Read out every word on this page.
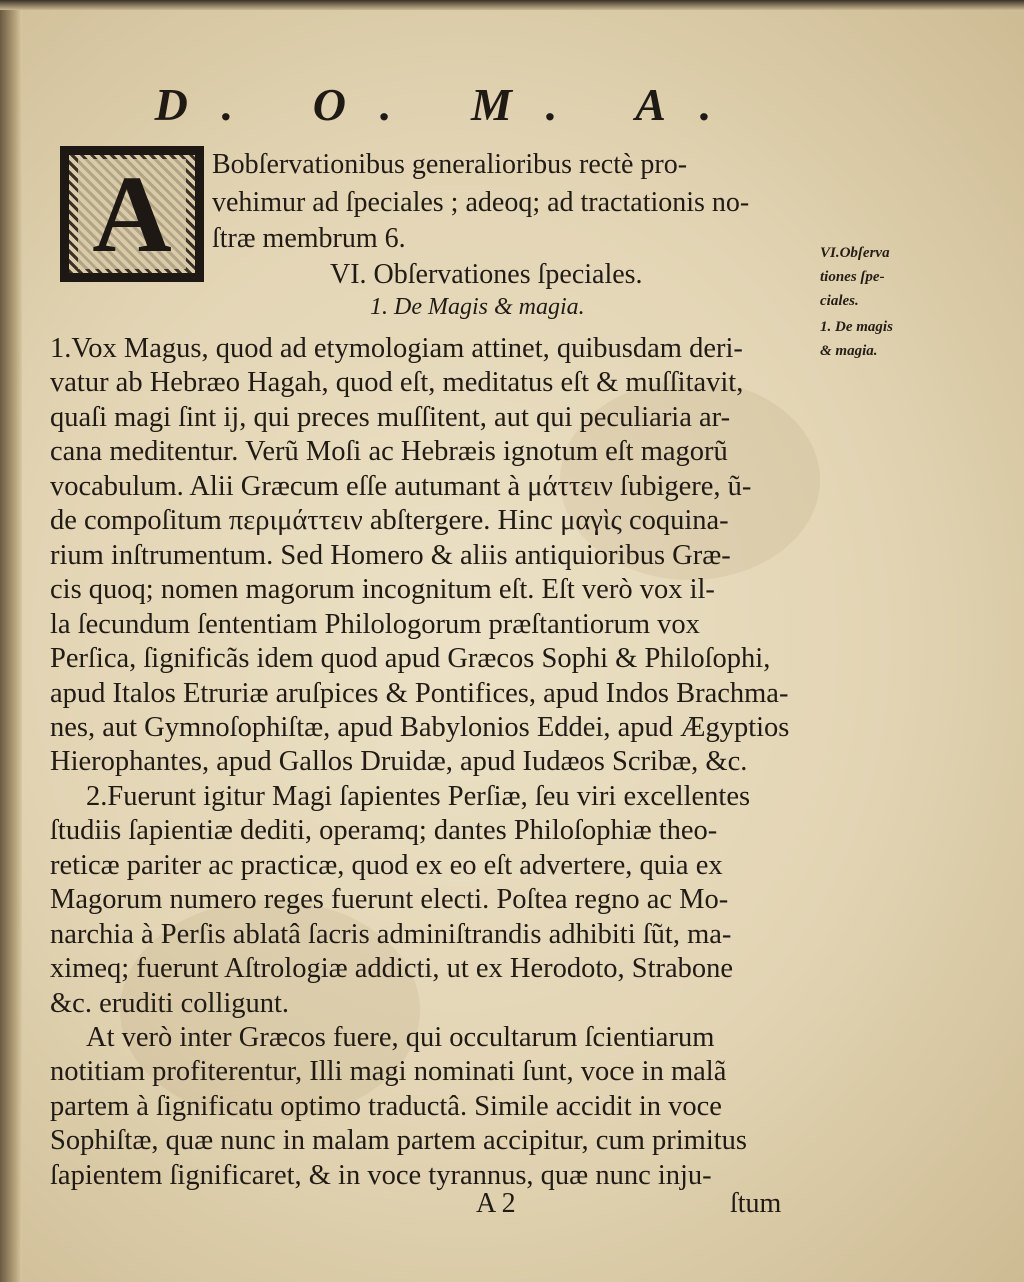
D. O. M. A.
A	Bobſervationibus generalioribus rectè pro-
vehimur ad ſpeciales ; adeoq; ad tractationis no-
ſtræ membrum 6.
VI. Obſervationes ſpeciales.
1. De Magis & magia.
VI.Obſerva
tiones ſpe-
ciales.
1. De magis
& magia.
1.Vox Magus, quod ad etymologiam attinet, quibusdam deri-
vatur ab Hebræo Hagah, quod eſt, meditatus eſt & muſſitavit,
quaſi magi ſint ij, qui preces muſſitent, aut qui peculiaria ar-
cana meditentur. Verũ Moſi ac Hebræis ignotum eſt magorũ
vocabulum. Alii Græcum eſſe autumant à μάττειν ſubigere, ũ-
de compoſitum περιμάττειν abſtergere. Hinc μαγὶς coquina-
rium inſtrumentum. Sed Homero & aliis antiquioribus Græ-
cis quoq; nomen magorum incognitum eſt. Eſt verò vox il-
la ſecundum ſententiam Philologorum præſtantiorum vox
Perſica, ſignificãs idem quod apud Græcos Sophi & Philoſophi,
apud Italos Etruriæ aruſpices & Pontifices, apud Indos Brachma-
nes, aut Gymnoſophiſtæ, apud Babylonios Eddei, apud Ægyptios
Hierophantes, apud Gallos Druidæ, apud Iudæos Scribæ, &c.
2.Fuerunt igitur Magi ſapientes Perſiæ, ſeu viri excellentes
ſtudiis ſapientiæ dediti, operamq; dantes Philoſophiæ theo-
reticæ pariter ac practicæ, quod ex eo eſt advertere, quia ex
Magorum numero reges fuerunt electi. Poſtea regno ac Mo-
narchia à Perſis ablatâ ſacris adminiſtrandis adhibiti ſũt, ma-
ximeq; fuerunt Aſtrologiæ addicti, ut ex Herodoto, Strabone
&c. eruditi colligunt.
At verò inter Græcos fuere, qui occultarum ſcientiarum
notitiam profiterentur, Illi magi nominati ſunt, voce in malã
partem à ſignificatu optimo traductâ. Simile accidit in voce
Sophiſtæ, quæ nunc in malam partem accipitur, cum primitus
ſapientem ſignificaret, & in voce tyrannus, quæ nunc inju-
A 2	ſtum
